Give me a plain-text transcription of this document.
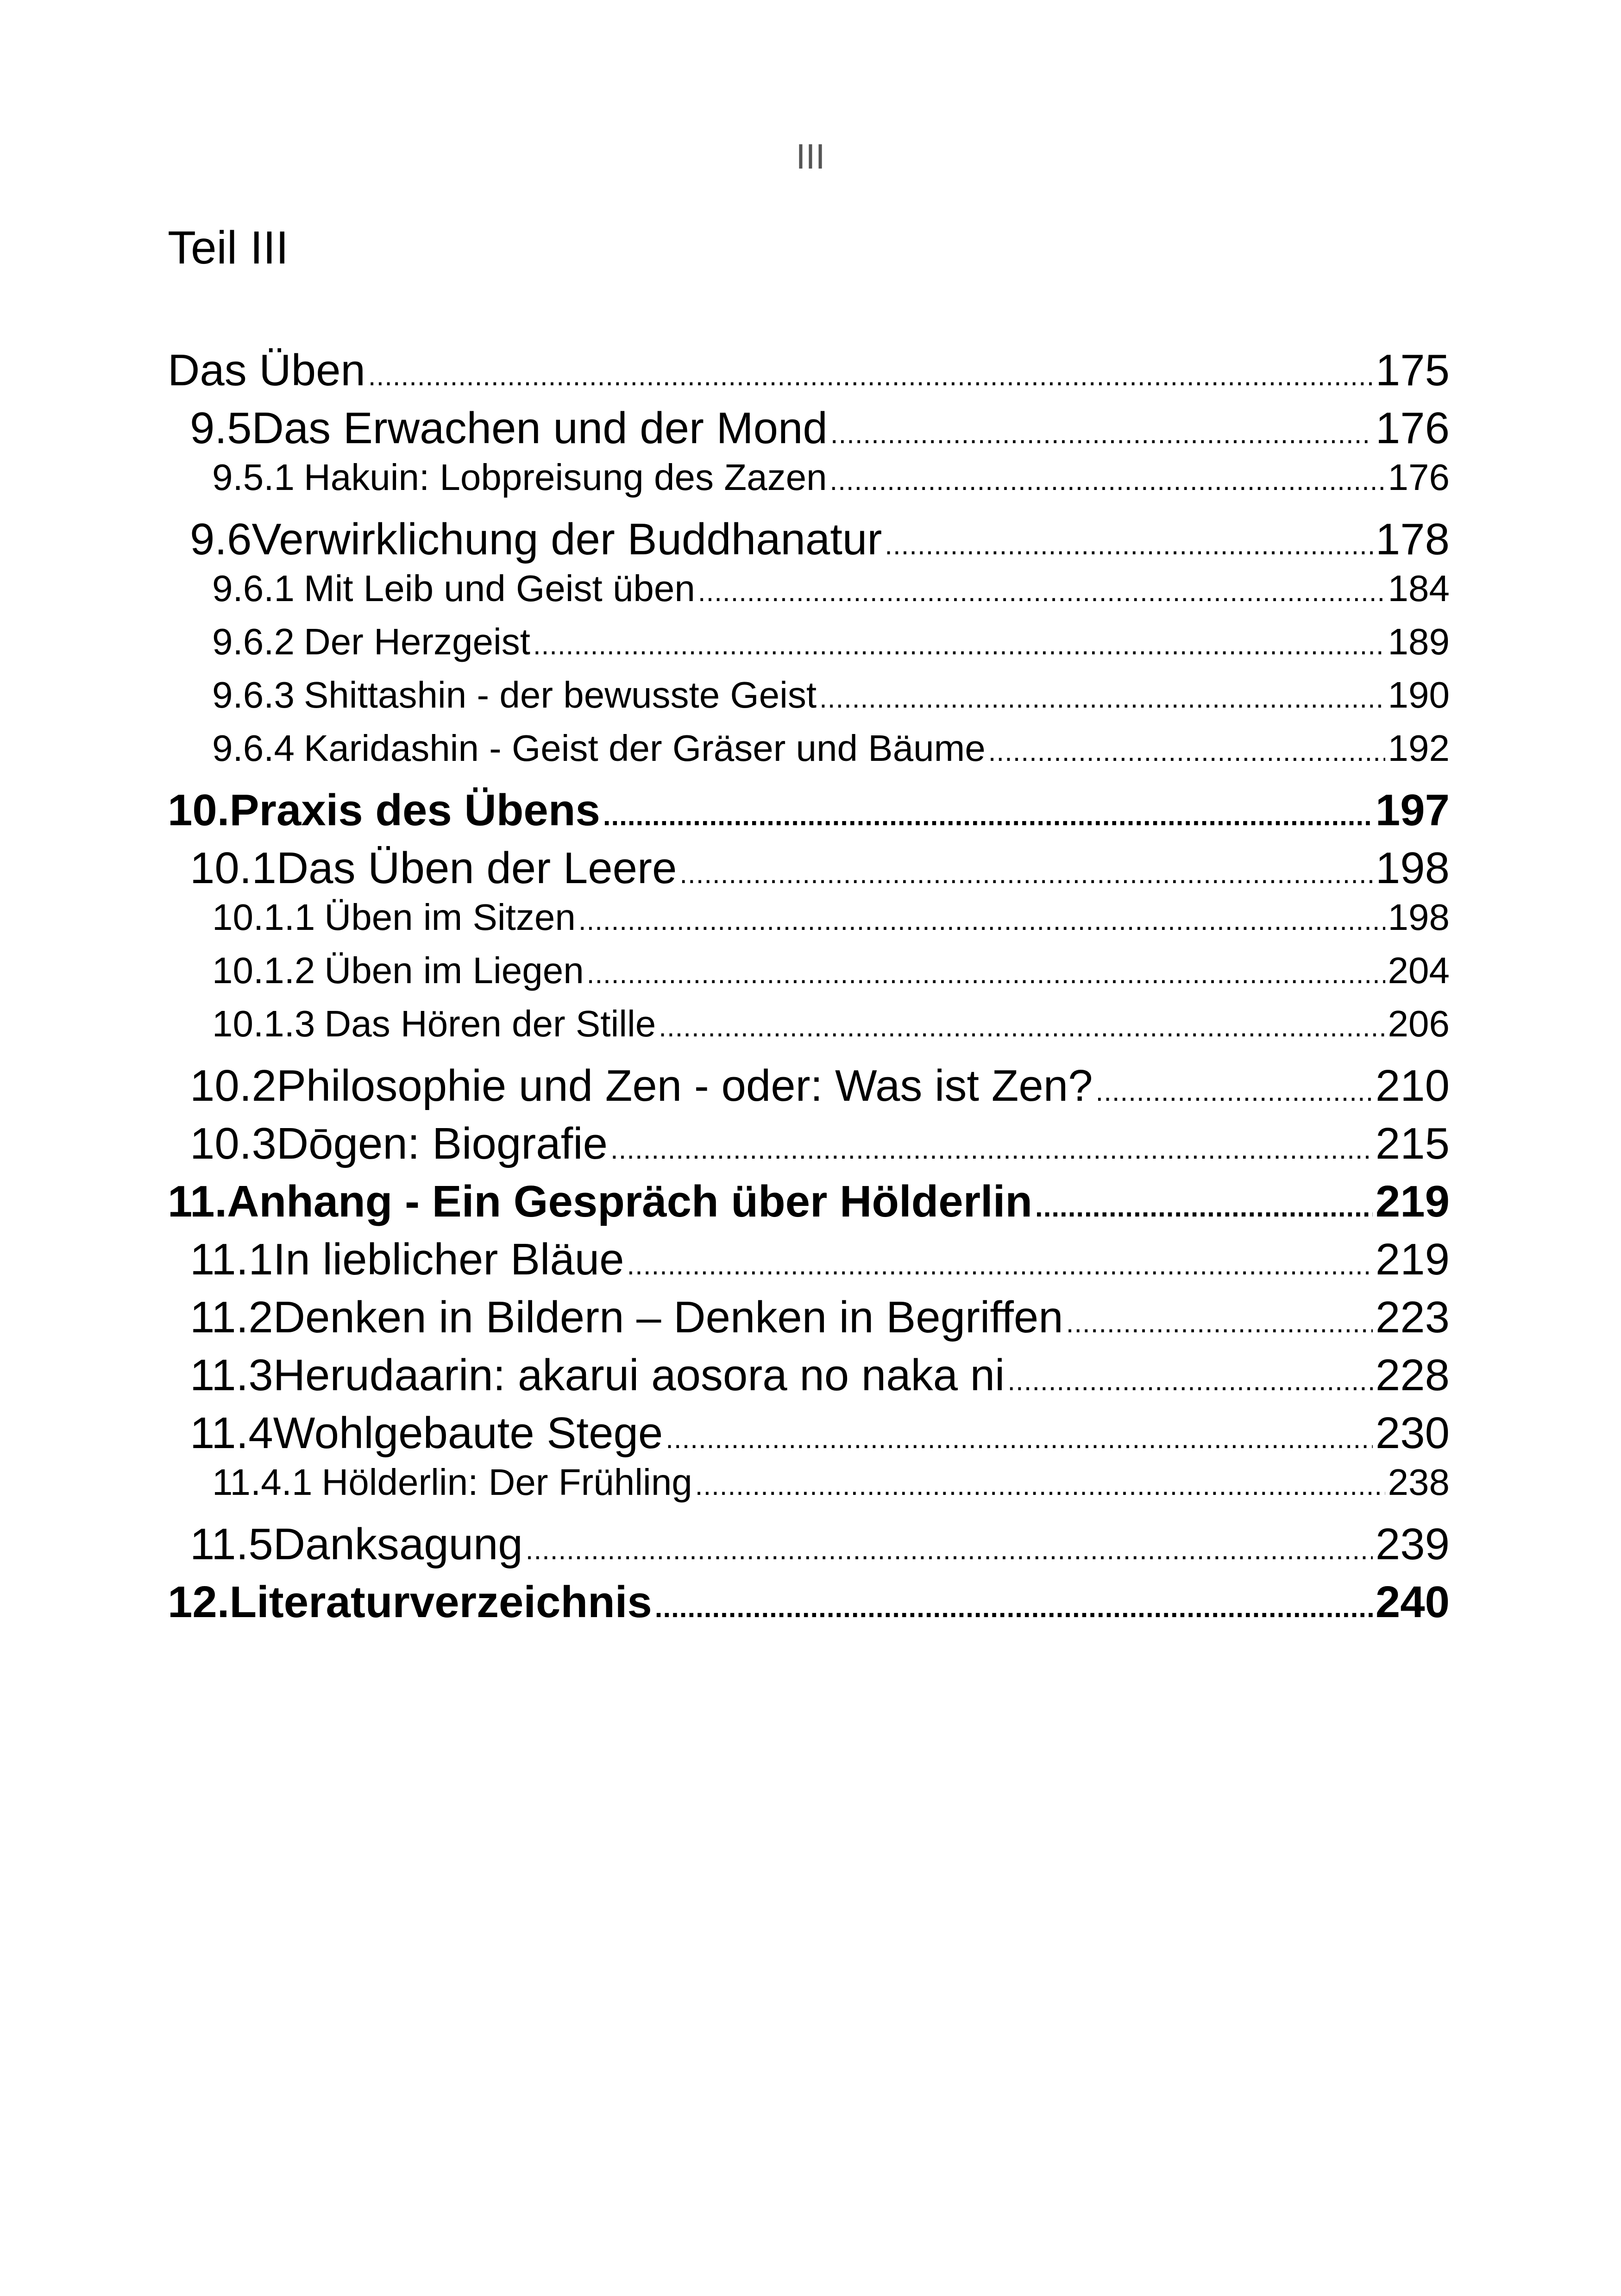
III
Teil III
Das Üben .....	175
9.5 Das Erwachen und der Mond .....	176
9.5.1 Hakuin: Lobpreisung des Zazen .....	176
9.6 Verwirklichung der Buddhanatur .....	178
9.6.1 Mit Leib und Geist üben .....	184
9.6.2 Der Herzgeist .....	189
9.6.3 Shittashin - der bewusste Geist .....	190
9.6.4 Karidashin - Geist der Gräser und Bäume .....	192
10. Praxis des Übens .....	197
10.1 Das Üben der Leere .....	198
10.1.1 Üben im Sitzen .....	198
10.1.2 Üben im Liegen .....	204
10.1.3 Das Hören der Stille .....	206
10.2 Philosophie und Zen - oder: Was ist Zen? .....	210
10.3 Dōgen: Biografie .....	215
11. Anhang - Ein Gespräch über Hölderlin .....	219
11.1 In lieblicher Bläue .....	219
11.2 Denken in Bildern – Denken in Begriffen .....	223
11.3 Herudaarin: akarui aosora no naka ni .....	228
11.4 Wohlgebaute Stege .....	230
11.4.1 Hölderlin: Der Frühling .....	238
11.5 Danksagung .....	239
12. Literaturverzeichnis .....	240
